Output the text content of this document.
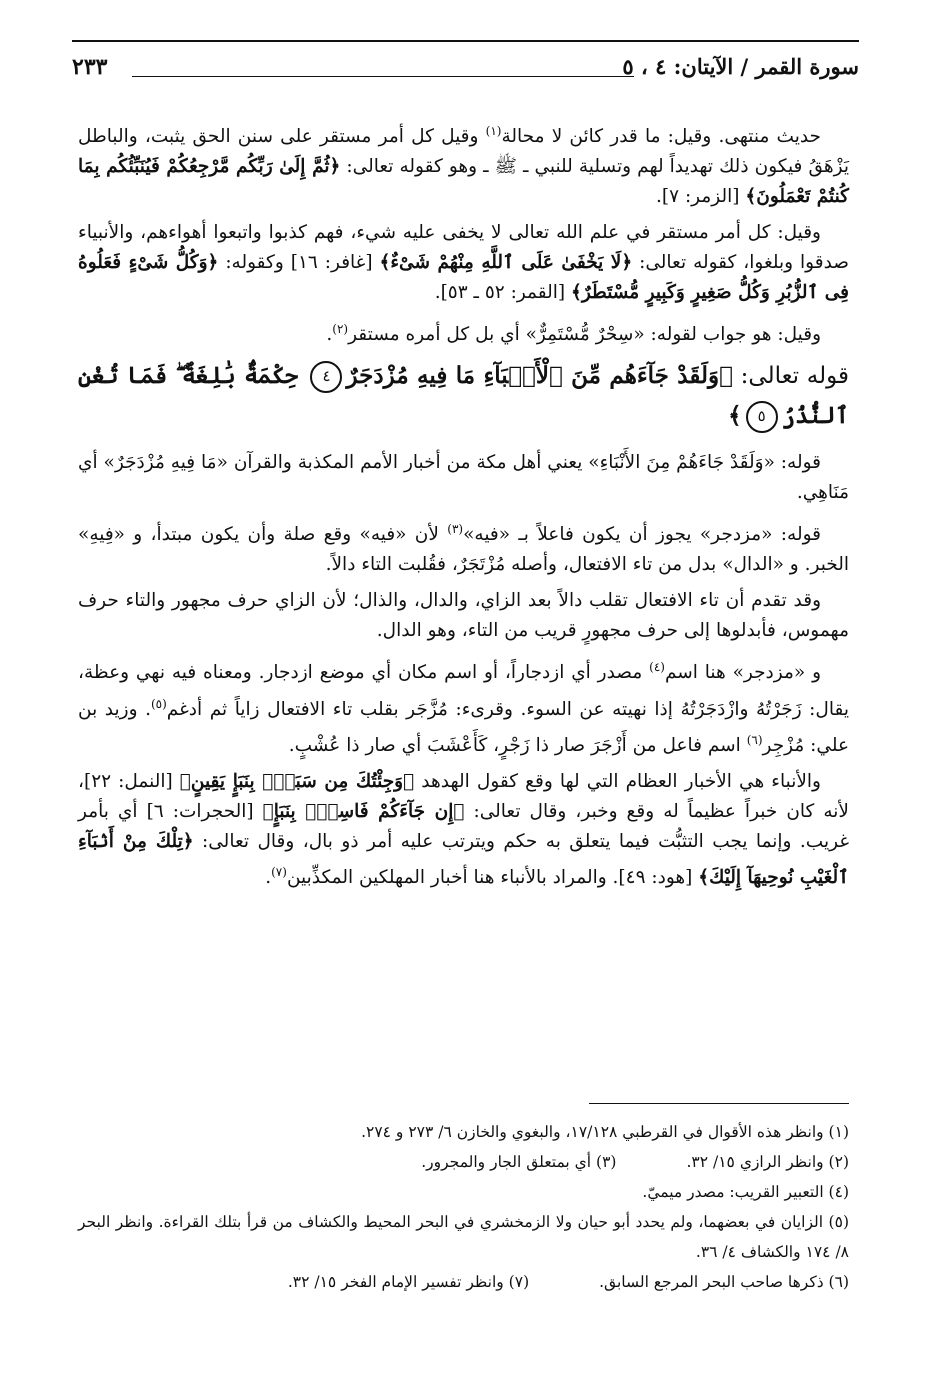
سورة القمر / الآيتان: ٤ ، ٥
٢٣٣

حديث منتهى. وقيل: ما قدر كائن لا محالة$^{(١)}$ وقيل كل أمر مستقر على سنن الحق يثبت، والباطل يَزْهَقُ فيكون ذلك تهديداً لهم وتسلية للنبي ـ ﷺ ـ وهو كقوله تعالى: ﴿ثُمَّ إِلَىٰ رَبِّكُم مَّرْجِعُكُمْ فَيُنَبِّئُكُم بِمَا كُنتُمْ تَعْمَلُونَ﴾ [الزمر: ٧].

وقيل: كل أمر مستقر في علم الله تعالى لا يخفى عليه شيء، فهم كذبوا واتبعوا أهواءهم، والأنبياء صدقوا وبلغوا، كقوله تعالى: ﴿لَا يَخْفَىٰ عَلَى ٱللَّهِ مِنْهُمْ شَىْءٌ﴾ [غافر: ١٦] وكقوله: ﴿وَكُلُّ شَىْءٍ فَعَلُوهُ فِى ٱلزُّبُرِ وَكُلُّ صَغِيرٍ وَكَبِيرٍ مُّسْتَطَرٌ﴾ [القمر: ٥٢ ـ ٥٣].

وقيل: هو جواب لقوله: «سِحْرٌ مُّسْتَمِرٌّ» أي بل كل أمره مستقر$^{(٢)}$.

قوله تعالى: ﴿وَلَقَدْ جَآءَهُم مِّنَ ٱلْأَنۢبَآءِ مَا فِيهِ مُزْدَجَرٌ٤ حِكْمَةٌۢ بَٰلِغَةٌ ۖ فَمَا تُغْنِ ٱلنُّذُرُ٥﴾

قوله: «وَلَقَدْ جَاءَهُمْ مِنَ الأَنْبَاءِ» يعني أهل مكة من أخبار الأمم المكذبة والقرآن «مَا فِيهِ مُزْدَجَرٌ» أي مَنَاهِي.

قوله: «مزدجر» يجوز أن يكون فاعلاً بـ «فيه»$^{(٣)}$ لأن «فيه» وقع صلة وأن يكون مبتدأ، و «فِيهِ» الخبر. و «الدال» بدل من تاء الافتعال، وأصله مُزْتَجَرٌ، فقُلبت التاء دالاً.

وقد تقدم أن تاء الافتعال تقلب دالاً بعد الزاي، والدال، والذال؛ لأن الزاي حرف مجهور والتاء حرف مهموس، فأبدلوها إلى حرف مجهورٍ قريب من التاء، وهو الدال.

و «مزدجر» هنا اسم$^{(٤)}$ مصدر أي ازدجاراً، أو اسم مكان أي موضع ازدجار. ومعناه فيه نهي وعظة، يقال: زَجَرْتُهُ وازْدَجَرْتُهُ إذا نهيته عن السوء. وقرىء: مُزَّجَر بقلب تاء الافتعال زاياً ثم أدغم$^{(٥)}$. وزيد بن علي: مُزْجِر$^{(٦)}$ اسم فاعل من أَزْجَرَ صار ذا زَجْرٍ، كَأَعْشَبَ أي صار ذا عُشْبٍ.

والأنباء هي الأخبار العظام التي لها وقع كقول الهدهد ﴿وَجِئْتُكَ مِن سَبَإٍۭ بِنَبَإٍ يَقِينٍ﴾ [النمل: ٢٢]، لأنه كان خبراً عظيماً له وقع وخبر، وقال تعالى: ﴿إِن جَآءَكُمْ فَاسِقٌۢ بِنَبَإٍ﴾ [الحجرات: ٦] أي بأمر غريب. وإنما يجب التثبُّت فيما يتعلق به حكم ويترتب عليه أمر ذو بال، وقال تعالى: ﴿تِلْكَ مِنْ أَنۢبَآءِ ٱلْغَيْبِ نُوحِيهَآ إِلَيْكَ﴾ [هود: ٤٩]. والمراد بالأنباء هنا أخبار المهلكين المكذِّبين$^{(٧)}$.

(١) وانظر هذه الأقوال في القرطبي ١٧/١٢٨، والبغوي والخازن ٦/ ٢٧٣ و ٢٧٤.

(٢) وانظر الرازي ١٥/ ٣٢.

(٣) أي بمتعلق الجار والمجرور.

(٤) التعبير القريب: مصدر ميميّ.

(٥) الزايان في بعضهما، ولم يحدد أبو حيان ولا الزمخشري في البحر المحيط والكشاف من قرأ بتلك القراءة. وانظر البحر ٨/ ١٧٤ والكشاف ٤/ ٣٦.

(٦) ذكرها صاحب البحر المرجع السابق.

(٧) وانظر تفسير الإمام الفخر ١٥/ ٣٢.
